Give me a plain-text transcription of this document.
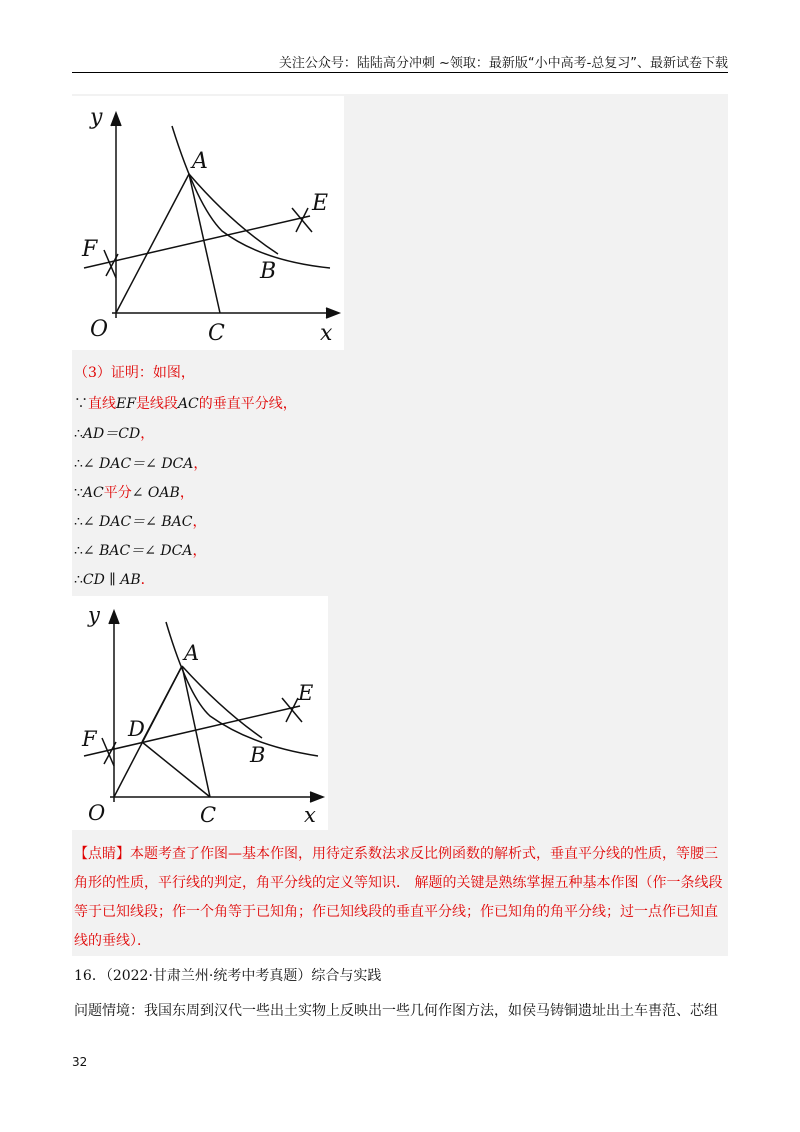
关注公众号：陆陆高分冲刺 ~领取：最新版“小中高考-总复习”、最新试卷下载
y
A
E
F
B
O	C	x
（3）证明：如图，
∵直线EF是线段AC的垂直平分线，
∴AD＝CD，
∴∠ DAC＝∠ DCA，
∵AC平分∠ OAB，
∴∠ DAC＝∠ BAC，
∴∠ BAC＝∠ DCA，
∴CD ∥ AB．
y
A
E
D
F
B
O	C	x
【点睛】本题考查了作图—基本作图，用待定系数法求反比例函数的解析式，垂直平分线的性质，等腰三角形的性质，平行线的判定，角平分线的定义等知识． 解题的关键是熟练掌握五种基本作图（作一条线段等于已知线段；作一个角等于已知角；作已知线段的垂直平分线；作已知角的角平分线；过一点作已知直线的垂线）．
16．（2022·甘肃兰州·统考中考真题）综合与实践
问题情境：我国东周到汉代一些出土实物上反映出一些几何作图方法，如侯马铸铜遗址出土车軎范、芯组
32
